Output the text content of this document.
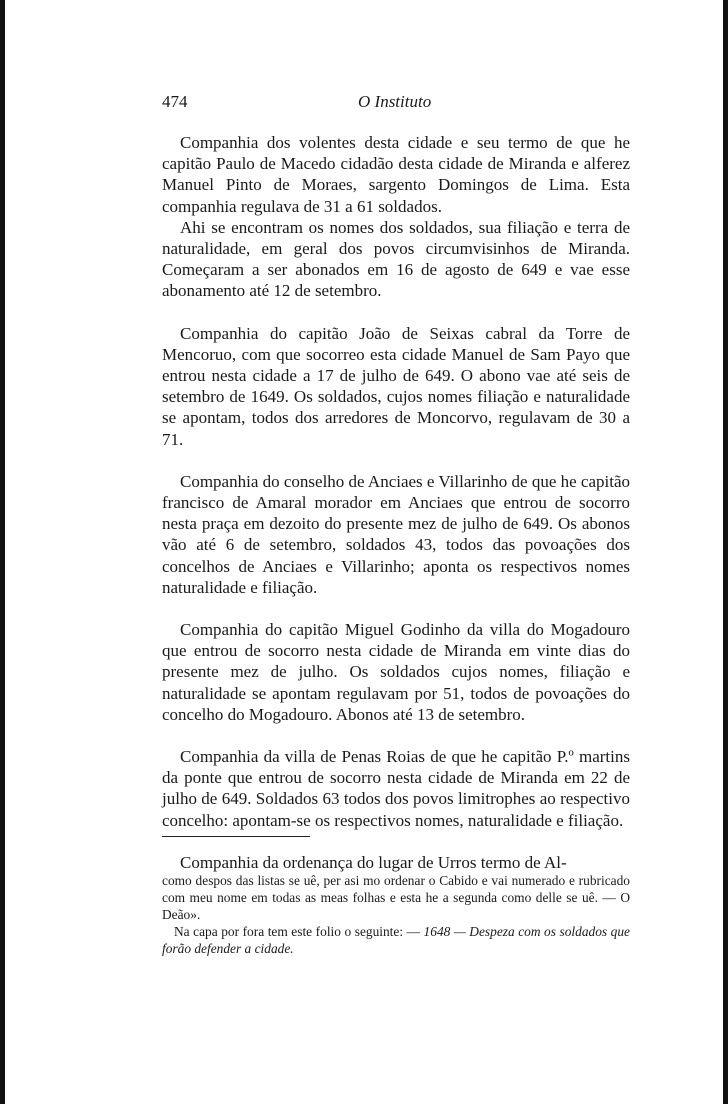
474	O Instituto

Companhia dos volentes desta cidade e seu termo de que he capitão Paulo de Macedo cidadão desta cidade de Miranda e alferez Manuel Pinto de Moraes, sargento Domingos de Lima. Esta companhia regulava de 31 a 61 soldados.

Ahi se encontram os nomes dos soldados, sua filiação e terra de naturalidade, em geral dos povos circumvisinhos de Miranda. Começaram a ser abonados em 16 de agosto de 649 e vae esse abonamento até 12 de setembro.

Companhia do capitão João de Seixas cabral da Torre de Mencoruo, com que socorreo esta cidade Manuel de Sam Payo que entrou nesta cidade a 17 de julho de 649. O abono vae até seis de setembro de 1649. Os soldados, cujos nomes filiação e naturalidade se apontam, todos dos arredores de Moncorvo, regulavam de 30 a 71.

Companhia do conselho de Anciaes e Villarinho de que he capitão francisco de Amaral morador em Anciaes que entrou de socorro nesta praça em dezoito do presente mez de julho de 649. Os abonos vão até 6 de setembro, soldados 43, todos das povoações dos concelhos de Anciaes e Villarinho; aponta os respectivos nomes naturalidade e filiação.

Companhia do capitão Miguel Godinho da villa do Mogadouro que entrou de socorro nesta cidade de Miranda em vinte dias do presente mez de julho. Os soldados cujos nomes, filiação e naturalidade se apontam regulavam por 51, todos de povoações do concelho do Mogadouro. Abonos até 13 de setembro.

Companhia da villa de Penas Roias de que he capitão P.º martins da ponte que entrou de socorro nesta cidade de Miranda em 22 de julho de 649. Soldados 63 todos dos povos limitrophes ao respectivo concelho: apontam-se os respectivos nomes, naturalidade e filiação.

Companhia da ordenança do lugar de Urros termo de Al-

como despos das listas se uê, per asi mo ordenar o Cabido e vai numerado e rubricado com meu nome em todas as meas folhas e esta he a segunda como delle se uê. — O Deão».

Na capa por fora tem este folio o seguinte: — 1648 — Despeza com os soldados que forão defender a cidade.
